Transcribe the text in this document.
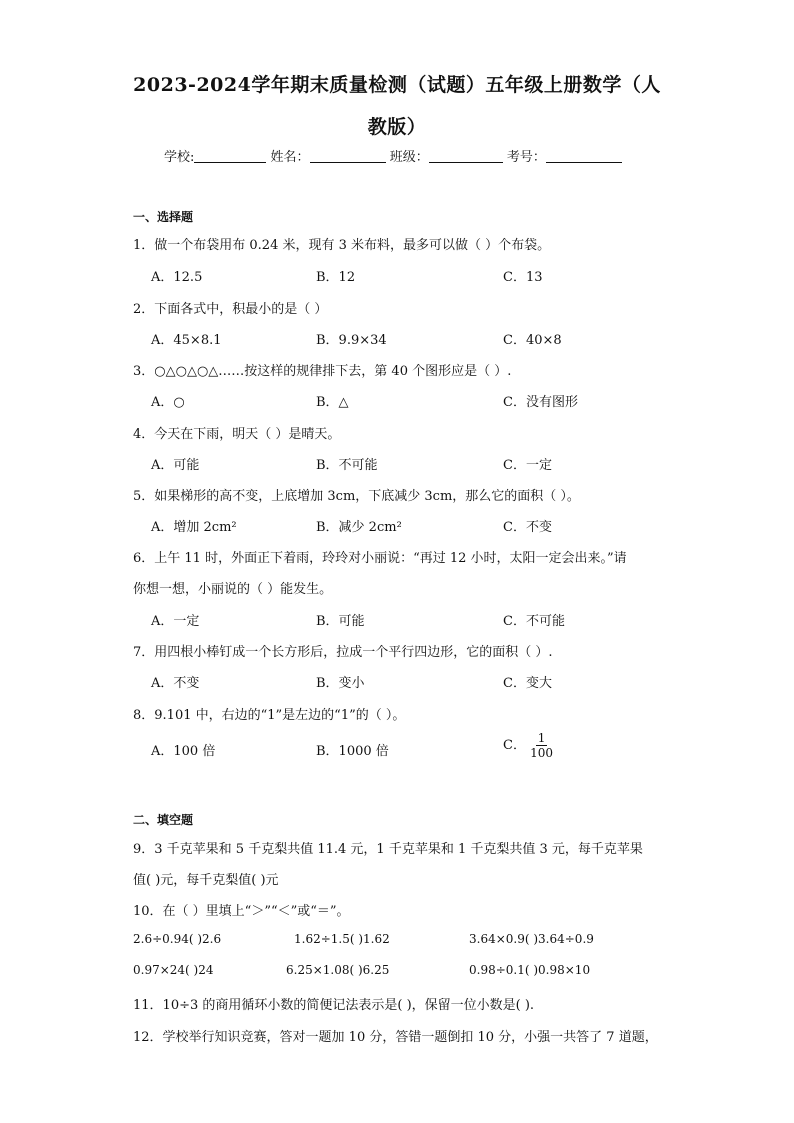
2023-2024学年期末质量检测（试题）五年级上册数学（人
教版）
学校:	姓名：	班级：	考号：
一、选择题
1．做一个布袋用布 0.24 米，现有 3 米布料，最多可以做（ ）个布袋。
A．12.5	B．12	C．13
2．下面各式中，积最小的是（ ）
A．45×8.1	B．9.9×34	C．40×8
3．○△○△○△……按这样的规律排下去，第 40 个图形应是（ ）.
A．○	B．△	C．没有图形
4．今天在下雨，明天（ ）是晴天。
A．可能	B．不可能	C．一定
5．如果梯形的高不变，上底增加 3cm，下底减少 3cm，那么它的面积（ ）。
A．增加 2cm²	B．减少 2cm²	C．不变
6．上午 11 时，外面正下着雨，玲玲对小丽说：“再过 12 小时，太阳一定会出来。”请
你想一想，小丽说的（ ）能发生。
A．一定	B．可能	C．不可能
7．用四根小棒钉成一个长方形后，拉成一个平行四边形，它的面积（ ）.
A．不变	B．变小	C．变大
8．9.101 中，右边的“1”是左边的“1”的（ ）。
A．100 倍	B．1000 倍	C． $\frac{1}{100}$
二、填空题
9．3 千克苹果和 5 千克梨共值 11.4 元，1 千克苹果和 1 千克梨共值 3 元，每千克苹果
值( )元，每千克梨值( )元
10．在（ ）里填上“＞”“＜”或“＝”。
2.6÷0.94( )2.6	1.62÷1.5( )1.62	3.64×0.9( )3.64÷0.9
0.97×24( )24	6.25×1.08( )6.25	0.98÷0.1( )0.98×10
11．10÷3 的商用循环小数的简便记法表示是( )，保留一位小数是( ).
12．学校举行知识竞赛，答对一题加 10 分，答错一题倒扣 10 分，小强一共答了 7 道题，
